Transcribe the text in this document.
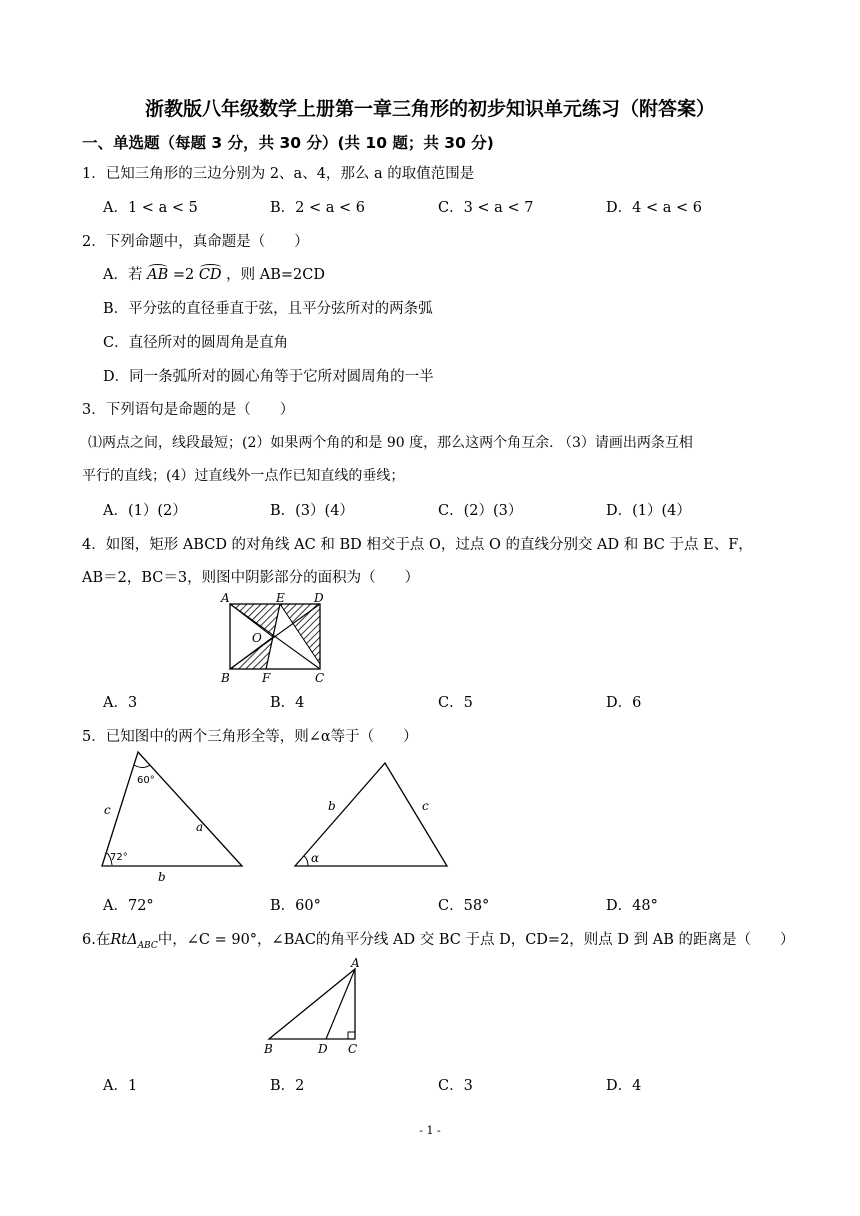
浙教版八年级数学上册第一章三角形的初步知识单元练习（附答案）
一、单选题（每题 3 分，共 30 分）(共 10 题；共 30 分)
1．已知三角形的三边分别为 2、a、4，那么 a 的取值范围是
A．1 < a < 5	B．2 < a < 6	C．3 < a < 7	D．4 < a < 6
2．下列命题中，真命题是（　　）
A．若 AB =2 CD ，则 AB=2CD
B．平分弦的直径垂直于弦，且平分弦所对的两条弧
C．直径所对的圆周角是直角
D．同一条弧所对的圆心角等于它所对圆周角的一半
3．下列语句是命题的是（　　）
⑴两点之间，线段最短；(2）如果两个角的和是 90 度，那么这两个角互余. （3）请画出两条互相
平行的直线；(4）过直线外一点作已知直线的垂线；
A．(1）(2）	B．(3）(4）	C．(2）(3）	D．(1）(4）
4．如图，矩形 ABCD 的对角线 AC 和 BD 相交于点 O，过点 O 的直线分别交 AD 和 BC 于点 E、F，
AB＝2，BC＝3，则图中阴影部分的面积为（　　）
A	E D
O
B	F	C
A．3	B．4	C．5	D．6
5．已知图中的两个三角形全等，则∠α等于（　　）
60°
72°
a
c
b
α
b	c
A．72°	B．60°	C．58°	D．48°
6.在RtΔ$_{ABC}$中，∠C = 90°，∠BAC的角平分线 AD 交 BC 于点 D，CD=2，则点 D 到 AB 的距离是（　　）
A
B	D C
A．1	B．2	C．3	D．4
- 1 -
